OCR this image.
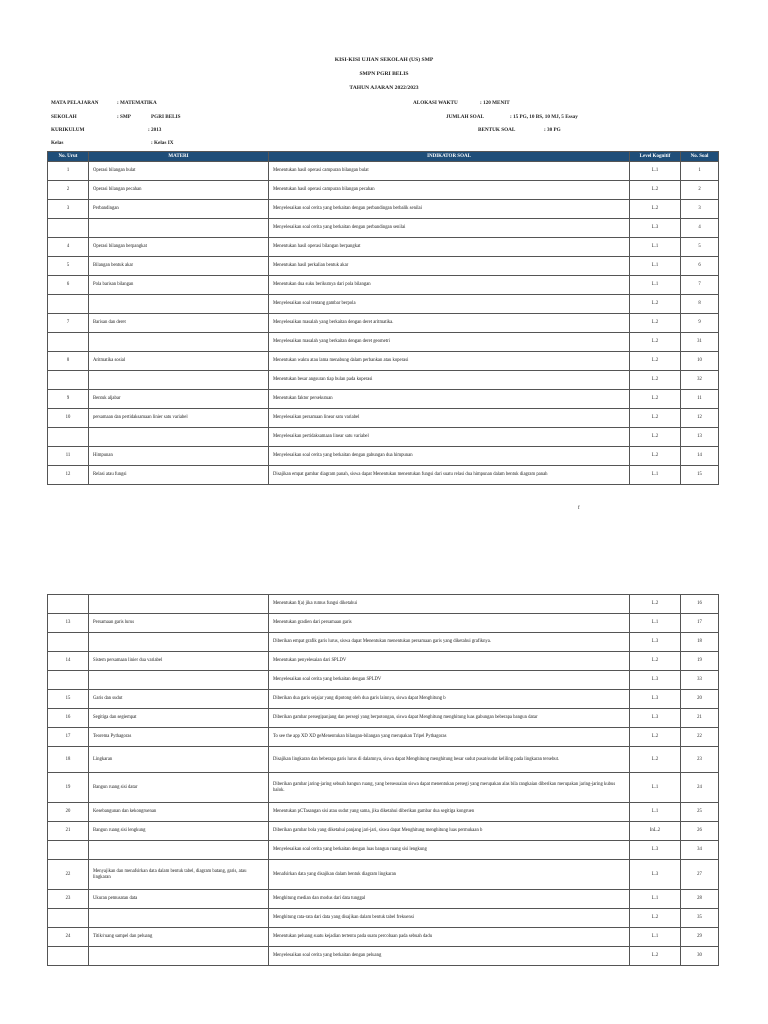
KISI-KISI UJIAN SEKOLAH (US) SMP
SMPN PGRI BELIS
TAHUN AJARAN 2022/2023
MATA PELAJARAN	: MATEMATIKA	ALOKASI WAKTU	: 120 MENIT
SEKOLAH	: SMP	PGRI BELIS	JUMLAH SOAL	: 15 PG, 10 BS, 10 MJ, 5 Essay
KURIKULUM	: 2013	BENTUK SOAL	: 30 PG
Kelas	: Kelas IX
No. Urut	MATERI	INDIKATOR SOAL	Level Kognitif	No. Soal
1	Operasi bilangan bulat	Menentukan hasil operasi campuran bilangan bulat	L.1	1
2	Operasi bilangan pecahan	Menentukan hasil operasi campuran bilangan pecahan	L.2	2
3	Perbandingan	Menyelesaikan soal cerita yang berkaitan dengan perbandingan berbalik senilai	L.2	3
		Menyelesaikan soal cerita yang berkaitan dengan perbandingan senilai	L.3	4
4	Operasi bilangan berpangkat	Menentukan hasil operasi bilangan berpangkat	L.1	5
5	Bilangan bentuk akar	Menentukan hasil perkalian bentuk akar	L.1	6
6	Pola barisan bilangan	Menentukan dua suku berikutnya dari pola bilangan	L.1	7
		Menyelesaikan soal tentang gambar berpola	L.2	8
7	Barisan dan deret	Menyelesaikan masalah yang berkaitan dengan deret aritmatika.	L.2	9
		Menyelesaikan masalah yang berkaitan dengan deret geometri	L.2	31
8	Aritmatika sosial	Menentukan waktu atau lama menabung dalam perbankan atau koperasi	L.2	10
		Menentukan besar angsuran tiap bulan pada koperasi	L.2	32
9	Bentuk aljabar	Menentukan faktor persekutuan	L.2	11
10	persamaan dan pertidaksamaan linier satu variabel	Menyelesaikan persamaan linear satu variabel	L.2	12
		Menyelesaikan pertidaksamaan linear satu variabel	L.2	13
11	Himpunan	Menyelesaikan soal cerita yang berkaitan dengan gabungan dua himpunan	L.2	14
12	Relasi atau fungsi	Disajikan empat gambar diagram panah, siswa dapat Menentukan menentukan fungsi dari suatu relasi dua himpunan dalam bentuk diagram panah	L.1	15
f
		Menentukan f(a) jika rumus fungsi diketahui	L.2	16
13	Persamaan garis lurus	Menentukan gradien dari persamaan garis	L.1	17
		Diberikan empat grafik garis lurus, siswa dapat Menentukan menentukan persamaan garis yang diketahui grafiknya.	L.3	18
14	Sistem persamaan linier dua variabel	Menentukan penyelesaian dari SPLDV	L.2	19
		Menyelesaikan soal cerita yang berkaitan dengan SPLDV	L.3	33
15	Garis dan sudut	Diberikan dua garis sejajar yang dipotong oleh dua garis lainnya, siswa dapat Menghitung b	L.3	20
16	Segitiga dan segiempat	Diberikan gambar persegipanjang dan persegi yang berpotongan, siswa dapat Menghitung menghitung luas gabungan beberapa bangun datar	L.3	21
17	Teorema Pythagoras	To see the app XD XD geMenentukan bilangan-bilangan yang merupakan Tripel Pythagoras	L.2	22
18	Lingkaran	Disajikan lingkaran dan beberapa garis lurus di dalamnya, siswa dapat Menghitung menghitung besar sudut pusat/sudut keliling pada lingkaran tersebut.	L.2	23
19	Bangun ruang sisi datar	Diberikan gambar jaring-jaring sebuah bangun ruang, yang bersesuaian siswa dapat menentukan persegi yang merupakan alas bila rangkaian diberikan merupakan jaring-jaring kubus balok.	L.1	24
20	Kesebangunan dan kekongruenan	Menentukan pCTasangan sisi atau sudut yang sama, jika diketahui diberikan gambar dua segitiga kongruen	L.1	25
21	Bangun ruang sisi lengkung	Diberikan gambar bola yang diketahui panjang jari-jari, siswa dapat Menghitung menghitung luas permukaan b	InL.2	26
		Menyelesaikan soal cerita yang berkaitan dengan luas bangun ruang sisi lengkung	L.3	34
22	Menyajikan dan menafsirkan data dalam bentuk tabel, diagram batang, garis, atau lingkaran	Menafsirkan data yang disajikan dalam bentuk diagram lingkaran	L.3	27
23	Ukuran pemusatan data	Menghitung median dan modus dari data tunggal	L.1	28
		Menghitung rata-rata dari data yang disajikan dalam bentuk tabel frekuensi	L.2	35
24	Titik/ruang sampel dan peluang	Menentukan peluang suatu kejadian tertentu pada suatu percobaan pada sebuah dadu	L.1	29
		Menyelesaikan soal cerita yang berkaitan dengan peluang	L.2	30
